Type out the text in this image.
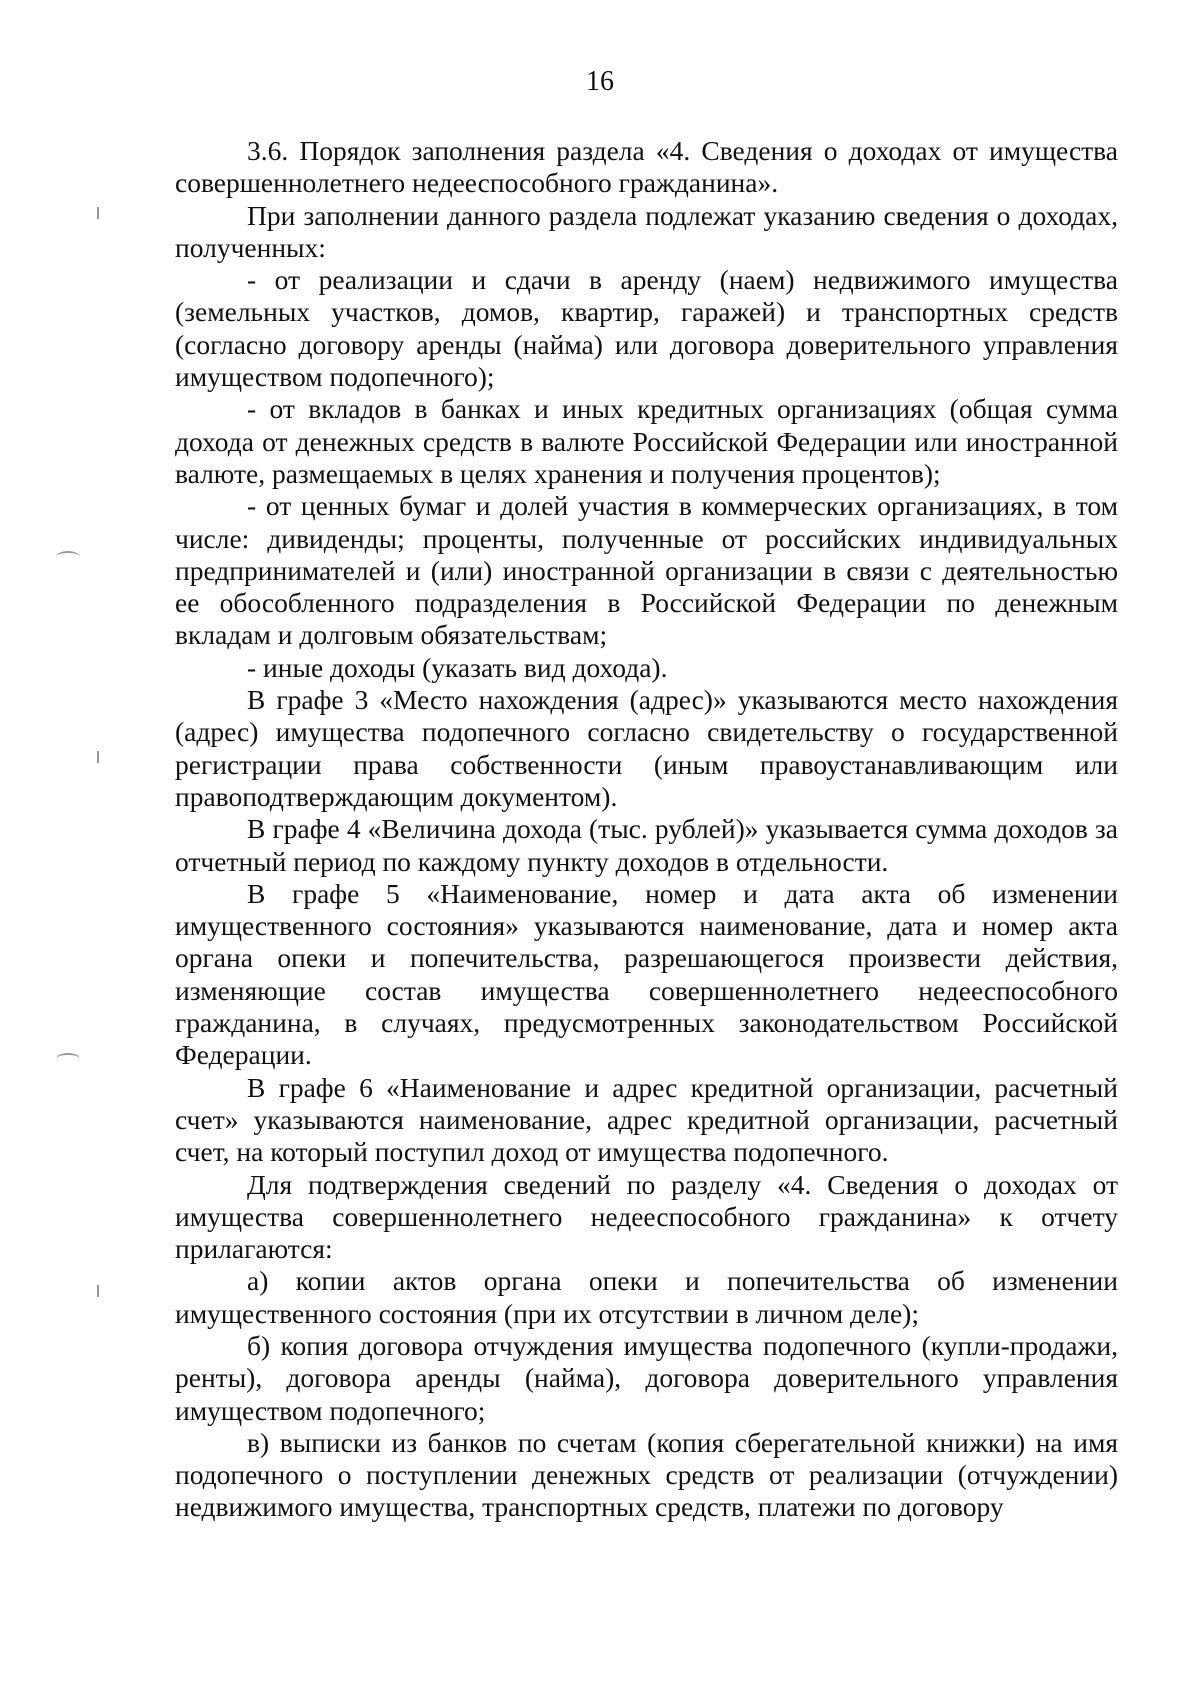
16

3.6. Порядок заполнения раздела «4. Сведения о доходах от имущества совершеннолетнего недееспособного гражданина».

При заполнении данного раздела подлежат указанию сведения о доходах, полученных:

- от реализации и сдачи в аренду (наем) недвижимого имущества (земельных участков, домов, квартир, гаражей) и транспортных средств (согласно договору аренды (найма) или договора доверительного управления имуществом подопечного);

- от вкладов в банках и иных кредитных организациях (общая сумма дохода от денежных средств в валюте Российской Федерации или иностранной валюте, размещаемых в целях хранения и получения процентов);

- от ценных бумаг и долей участия в коммерческих организациях, в том числе: дивиденды; проценты, полученные от российских индивидуальных предпринимателей и (или) иностранной организации в связи с деятельностью ее обособленного подразделения в Российской Федерации по денежным вкладам и долговым обязательствам;

- иные доходы (указать вид дохода).

В графе 3 «Место нахождения (адрес)» указываются место нахождения (адрес) имущества подопечного согласно свидетельству о государственной регистрации права собственности (иным правоустанавливающим или правоподтверждающим документом).

В графе 4 «Величина дохода (тыс. рублей)» указывается сумма доходов за отчетный период по каждому пункту доходов в отдельности.

В графе 5 «Наименование, номер и дата акта об изменении имущественного состояния» указываются наименование, дата и номер акта органа опеки и попечительства, разрешающегося произвести действия, изменяющие состав имущества совершеннолетнего недееспособного гражданина, в случаях, предусмотренных законодательством Российской Федерации.

В графе 6 «Наименование и адрес кредитной организации, расчетный счет» указываются наименование, адрес кредитной организации, расчетный счет, на который поступил доход от имущества подопечного.

Для подтверждения сведений по разделу «4. Сведения о доходах от имущества совершеннолетнего недееспособного гражданина» к отчету прилагаются:

а) копии актов органа опеки и попечительства об изменении имущественного состояния (при их отсутствии в личном деле);

б) копия договора отчуждения имущества подопечного (купли-продажи, ренты), договора аренды (найма), договора доверительного управления имуществом подопечного;

в) выписки из банков по счетам (копия сберегательной книжки) на имя подопечного о поступлении денежных средств от реализации (отчуждении) недвижимого имущества, транспортных средств, платежи по договору
